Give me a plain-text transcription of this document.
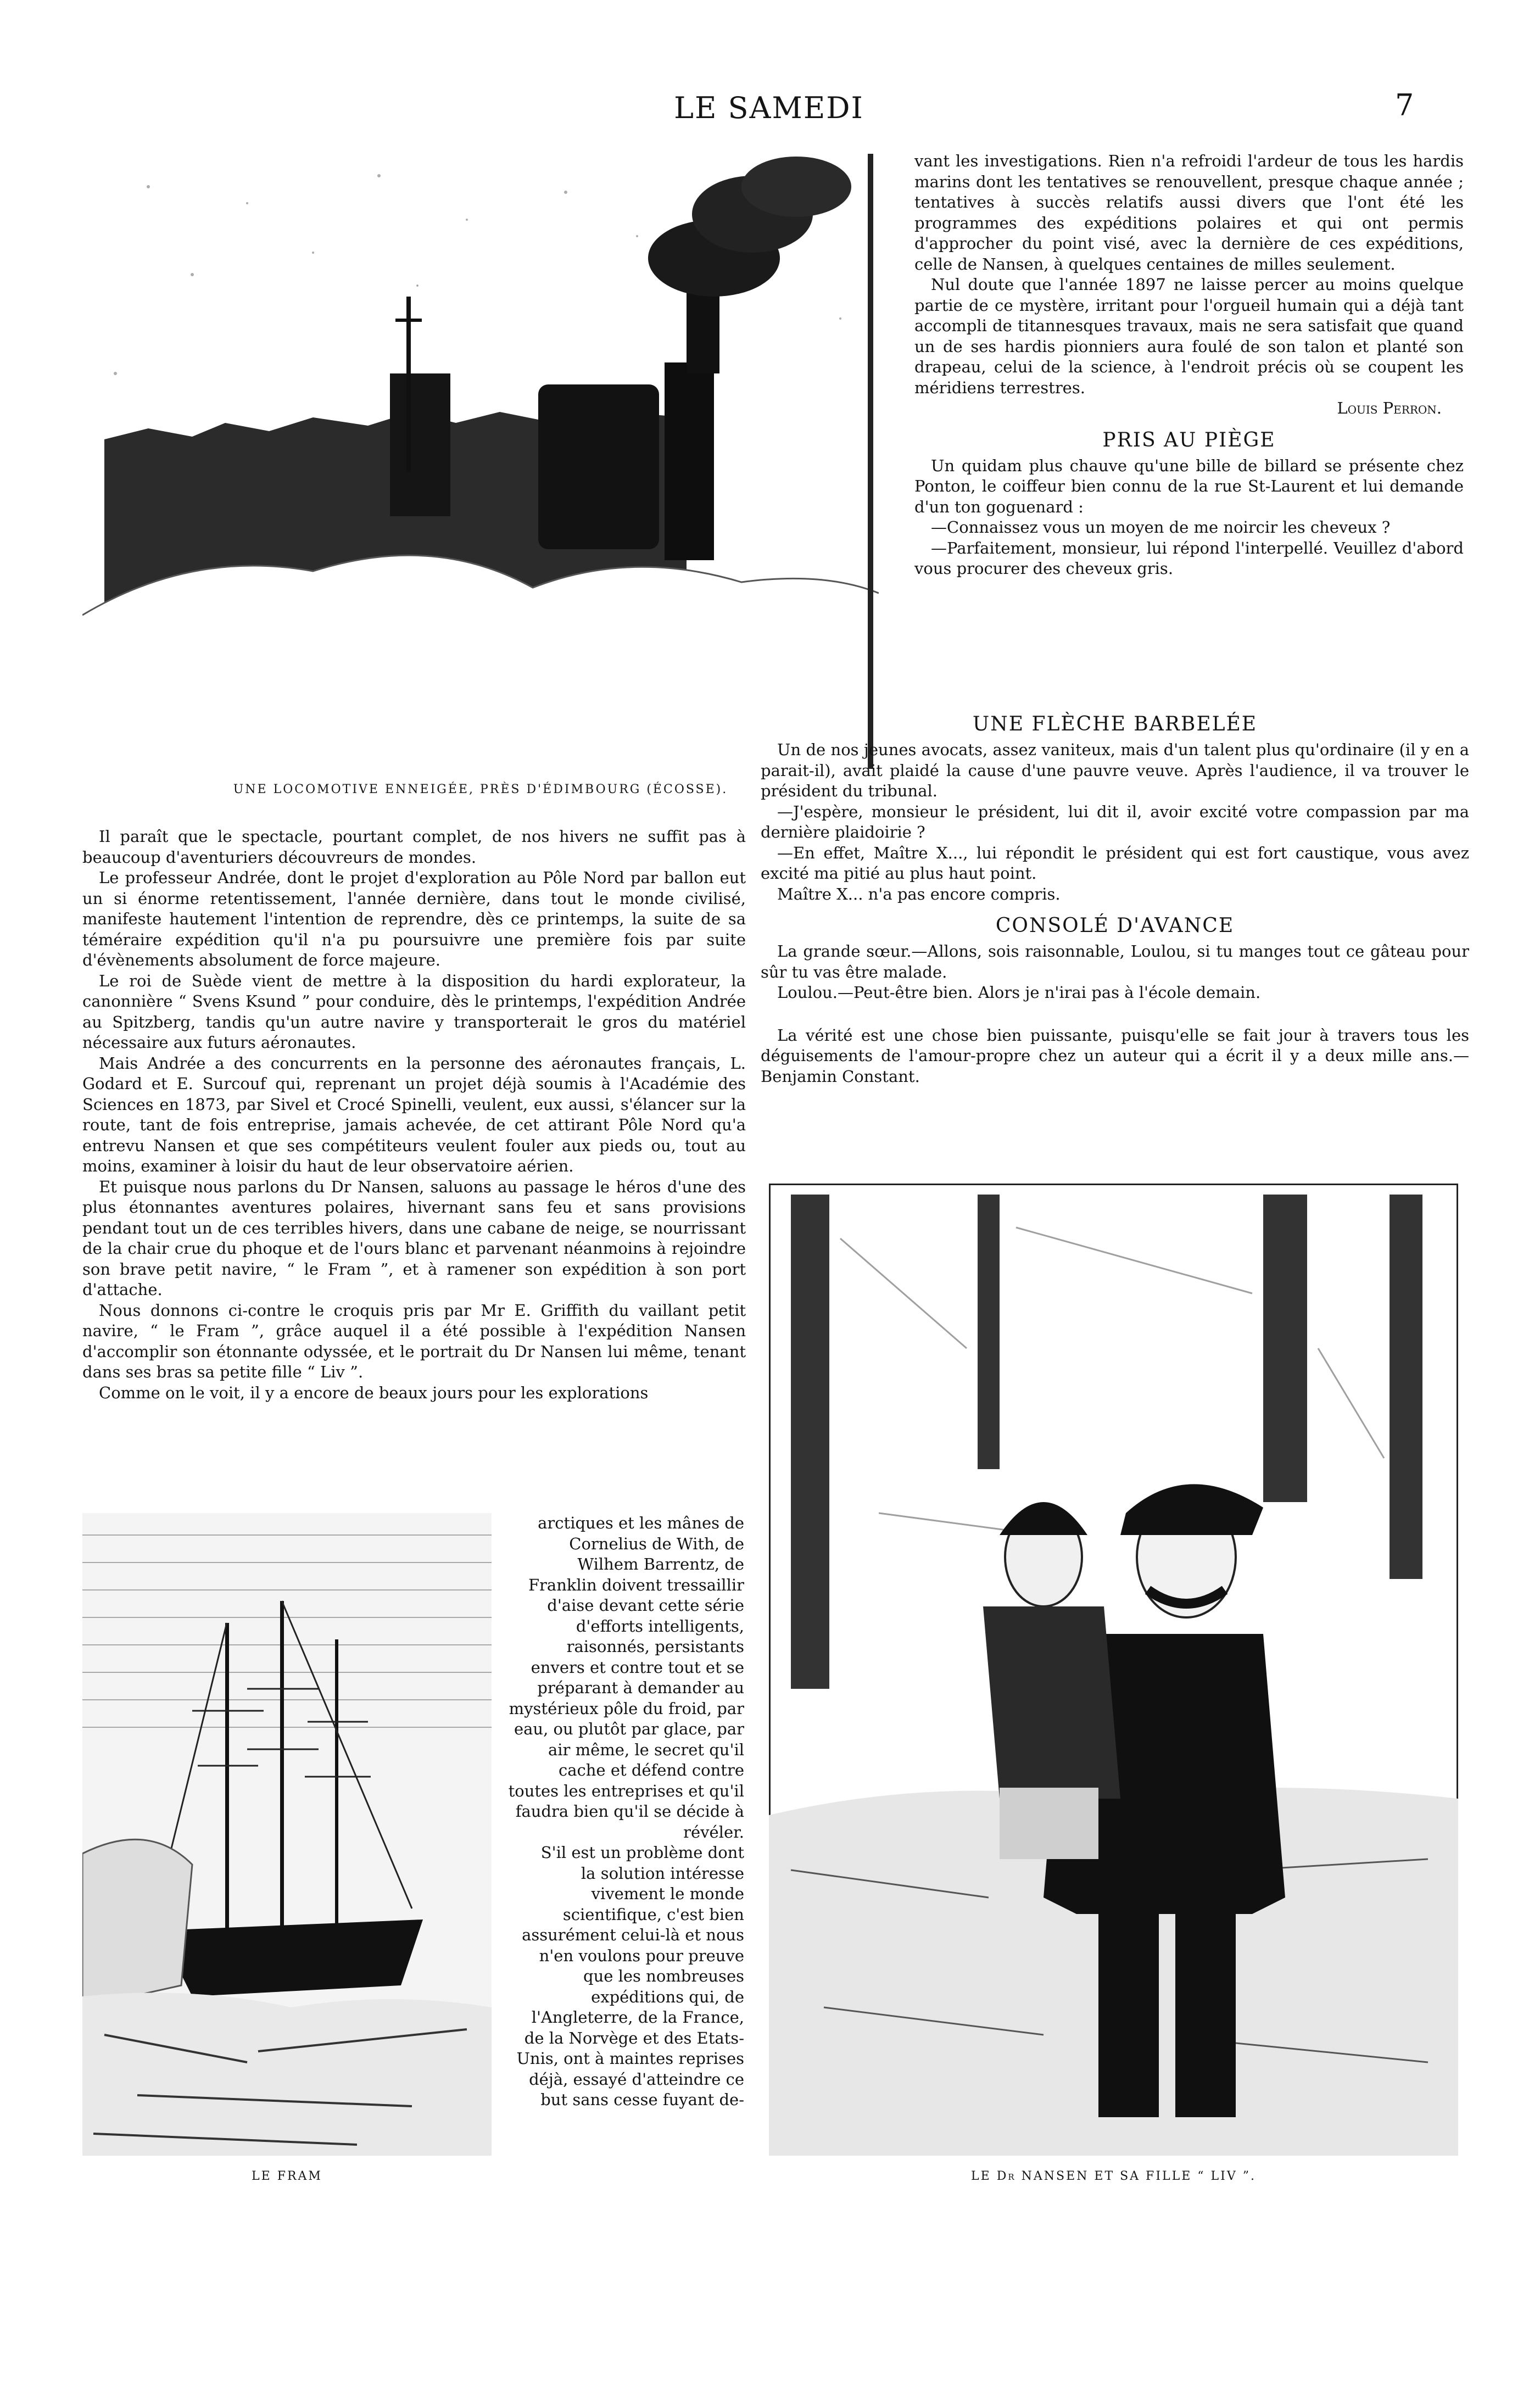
LE SAMEDI	7
UNE LOCOMOTIVE ENNEIGÉE, PRÈS D'ÉDIMBOURG (ÉCOSSE).

Il paraît que le spectacle, pourtant complet, de nos hivers ne suffit pas à beaucoup d'aventuriers découvreurs de mondes.

Le professeur Andrée, dont le projet d'exploration au Pôle Nord par ballon eut un si énorme retentissement, l'année dernière, dans tout le monde civilisé, manifeste hautement l'intention de reprendre, dès ce printemps, la suite de sa téméraire expédition qu'il n'a pu poursuivre une première fois par suite d'évènements absolument de force majeure.

Le roi de Suède vient de mettre à la disposition du hardi explorateur, la canonnière “ Svens Ksund ” pour conduire, dès le printemps, l'expédition Andrée au Spitzberg, tandis qu'un autre navire y transporterait le gros du matériel nécessaire aux futurs aéronautes.

Mais Andrée a des concurrents en la personne des aéronautes français, L. Godard et E. Surcouf qui, reprenant un projet déjà soumis à l'Académie des Sciences en 1873, par Sivel et Crocé Spinelli, veulent, eux aussi, s'élancer sur la route, tant de fois entreprise, jamais achevée, de cet attirant Pôle Nord qu'a entrevu Nansen et que ses compétiteurs veulent fouler aux pieds ou, tout au moins, examiner à loisir du haut de leur observatoire aérien.

Et puisque nous parlons du Dr Nansen, saluons au passage le héros d'une des plus étonnantes aventures polaires, hivernant sans feu et sans provisions pendant tout un de ces terribles hivers, dans une cabane de neige, se nourrissant de la chair crue du phoque et de l'ours blanc et parvenant néanmoins à rejoindre son brave petit navire, “ le Fram ”, et à ramener son expédition à son port d'attache.

Nous donnons ci-contre le croquis pris par Mr E. Griffith du vaillant petit navire, “ le Fram ”, grâce auquel il a été possible à l'expédition Nansen d'accomplir son étonnante odyssée, et le portrait du Dr Nansen lui même, tenant dans ses bras sa petite fille “ Liv ”.

Comme on le voit, il y a encore de beaux jours pour les explorations

LE FRAM

arctiques et les mânes de Cornelius de With, de Wilhem Barrentz, de Franklin doivent tressaillir d'aise devant cette série d'efforts intelligents, raisonnés, persistants envers et contre tout et se préparant à demander au mystérieux pôle du froid, par eau, ou plutôt par glace, par air même, le secret qu'il cache et défend contre toutes les entreprises et qu'il faudra bien qu'il se décide à révéler.

S'il est un problème dont la solution intéresse vivement le monde scientifique, c'est bien assurément celui-là et nous n'en voulons pour preuve que les nombreuses expéditions qui, de l'Angleterre, de la France, de la Norvège et des Etats-Unis, ont à maintes reprises déjà, essayé d'atteindre ce but sans cesse fuyant de-

vant les investigations. Rien n'a refroidi l'ardeur de tous les hardis marins dont les tentatives se renouvellent, presque chaque année ; tentatives à succès relatifs aussi divers que l'ont été les programmes des expéditions polaires et qui ont permis d'approcher du point visé, avec la dernière de ces expéditions, celle de Nansen, à quelques centaines de milles seulement.

Nul doute que l'année 1897 ne laisse percer au moins quelque partie de ce mystère, irritant pour l'orgueil humain qui a déjà tant accompli de titannesques travaux, mais ne sera satisfait que quand un de ses hardis pionniers aura foulé de son talon et planté son drapeau, celui de la science, à l'endroit précis où se coupent les méridiens terrestres.

Louis Perron.

PRIS AU PIÈGE

Un quidam plus chauve qu'une bille de billard se présente chez Ponton, le coiffeur bien connu de la rue St-Laurent et lui demande d'un ton goguenard :

—Connaissez vous un moyen de me noircir les cheveux ?

—Parfaitement, monsieur, lui répond l'interpellé. Veuillez d'abord vous procurer des cheveux gris.

UNE FLÈCHE BARBELÉE

Un de nos jeunes avocats, assez vaniteux, mais d'un talent plus qu'ordinaire (il y en a parait-il), avait plaidé la cause d'une pauvre veuve. Après l'audience, il va trouver le président du tribunal.

—J'espère, monsieur le président, lui dit il, avoir excité votre compassion par ma dernière plaidoirie ?

—En effet, Maître X..., lui répondit le président qui est fort caustique, vous avez excité ma pitié au plus haut point.

Maître X... n'a pas encore compris.

CONSOLÉ D'AVANCE

La grande sœur.—Allons, sois raisonnable, Loulou, si tu manges tout ce gâteau pour sûr tu vas être malade.

Loulou.—Peut-être bien. Alors je n'irai pas à l'école demain.

La vérité est une chose bien puissante, puisqu'elle se fait jour à travers tous les déguisements de l'amour-propre chez un auteur qui a écrit il y a deux mille ans.—Benjamin Constant.

LE Dr NANSEN ET SA FILLE “ LIV ”.
